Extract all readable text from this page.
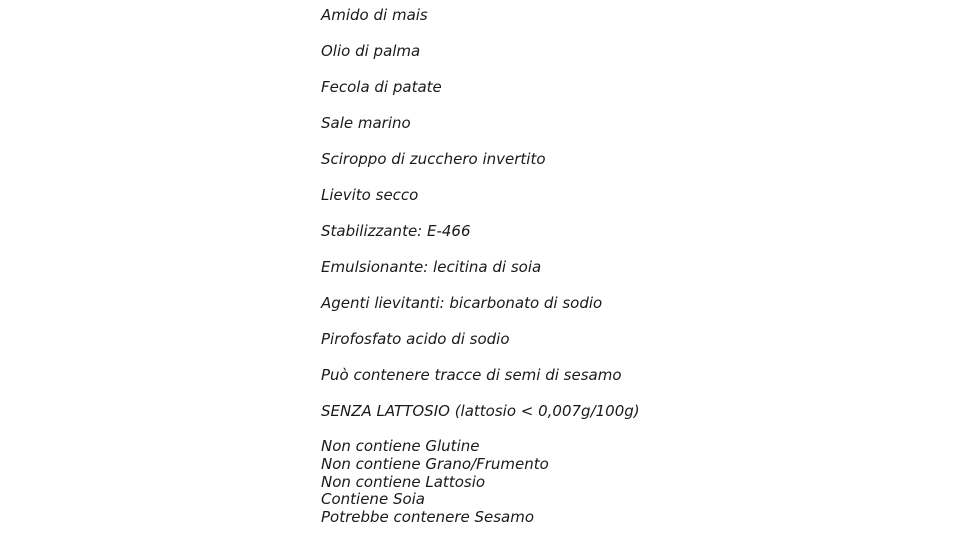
Amido di mais
Olio di palma
Fecola di patate
Sale marino
Sciroppo di zucchero invertito
Lievito secco
Stabilizzante: E-466
Emulsionante: lecitina di soia
Agenti lievitanti: bicarbonato di sodio
Pirofosfato acido di sodio
Può contenere tracce di semi di sesamo
SENZA LATTOSIO (lattosio < 0,007g/100g)
Non contiene Glutine
Non contiene Grano/Frumento
Non contiene Lattosio
Contiene Soia
Potrebbe contenere Sesamo
